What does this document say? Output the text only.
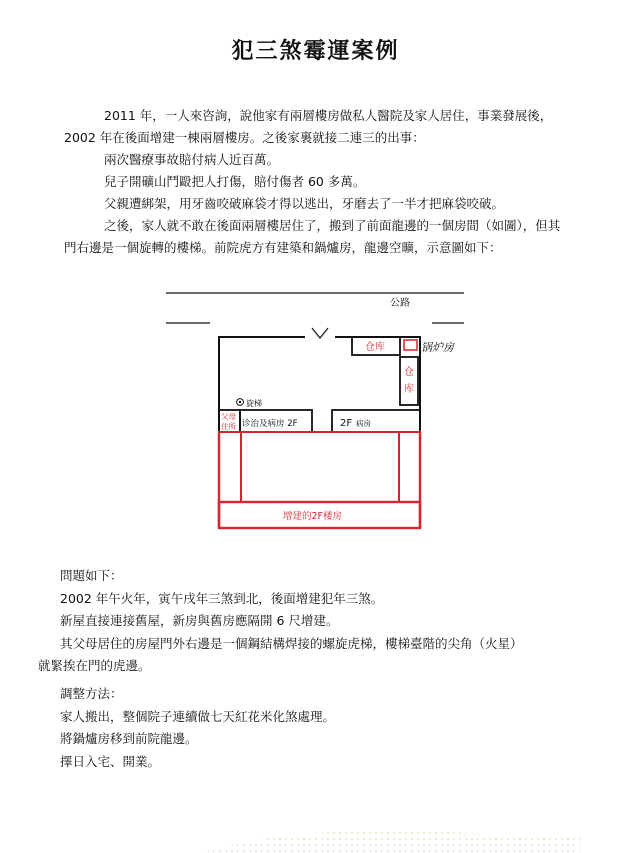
犯三煞霉運案例
2011 年，一人來咨詢，說他家有兩層樓房做私人醫院及家人居住，事業發展後，
2002 年在後面增建一棟兩層樓房。之後家裏就接二連三的出事：
兩次醫療事故賠付病人近百萬。
兒子開礦山鬥毆把人打傷，賠付傷者 60 多萬。
父親遭綁架，用牙齒咬破麻袋才得以逃出，牙磨去了一半才把麻袋咬破。
之後，家人就不敢在後面兩層樓居住了，搬到了前面龍邊的一個房間（如圖），但其
門右邊是一個旋轉的樓梯。前院虎方有建築和鍋爐房，龍邊空曠，示意圖如下：
公路
仓库	锅炉房
仓
库
旋梯
父母
住所 诊治及病房 2F	2F 病房
增建的2F楼房
問題如下：
2002 年午火年，寅午戌年三煞到北，後面增建犯年三煞。
新屋直接連接舊屋，新房與舊房應隔開 6 尺增建。
其父母居住的房屋門外右邊是一個鋼結構焊接的螺旋虎梯，樓梯臺階的尖角（火星）
就緊挨在門的虎邊。
調整方法：
家人搬出，整個院子連續做七天紅花米化煞處理。
將鍋爐房移到前院龍邊。
擇日入宅、開業。
